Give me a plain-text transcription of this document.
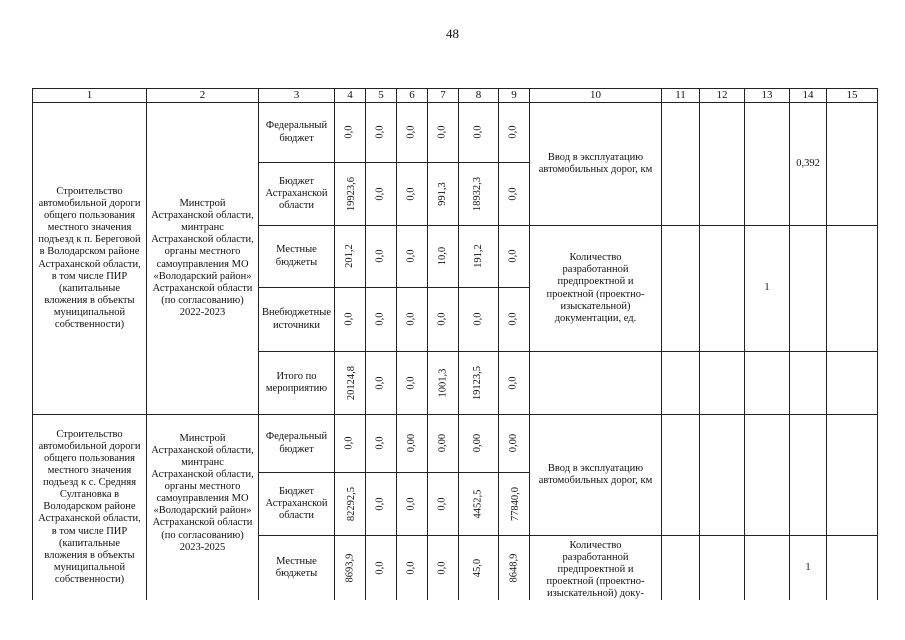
48
1	2	3	4	5	6	7	8	9	10	11	12	13	14	15
Строительство автомобильной дороги общего пользования местного значения подъезд к п. Береговой в Володарском районе Астраханской области, в том числе ПИР (капитальные вложения в объекты муниципальной собственности)	Минстрой Астраханской области, минтранс Астраханской области, органы местного самоуправления МО «Володарский район» Астраханской области (по согласованию) 2022-2023	Федеральный бюджет	0,0	0,0	0,0	0,0	0,0	0,0	Ввод в эксплуатацию автомобильных дорог, км				0,392	
		Бюджет Астраханской области	19923,6	0,0	0,0	991,3	18932,3	0,0						
		Местные бюджеты	201,2	0,0	0,0	10,0	191,2	0,0	Количество разработанной предпроектной и проектной (проектно-изыскательной) документации, ед.			1		
		Внебюджетные источники	0,0	0,0	0,0	0,0	0,0	0,0						
		Итого по мероприятию	20124,8	0,0	0,0	1001,3	19123,5	0,0						
Строительство автомобильной дороги общего пользования местного значения подъезд к с. Средняя Султановка в Володарском районе Астраханской области, в том числе ПИР (капитальные вложения в объекты муниципальной собственности)	Минстрой Астраханской области, минтранс Астраханской области, органы местного самоуправления МО «Володарский район» Астраханской области (по согласованию) 2023-2025	Федеральный бюджет	0,0	0,0	0,00	0,00	0,00	0,00	Ввод в эксплуатацию автомобильных дорог, км					
		Бюджет Астраханской области	82292,5	0,0	0,0	0,0	4452,5	77840,0						
		Местные бюджеты	8693,9	0,0	0,0	0,0	45,0	8648,9	Количество разработанной предпроектной и проектной (проектно-изыскательной) доку-				1	
